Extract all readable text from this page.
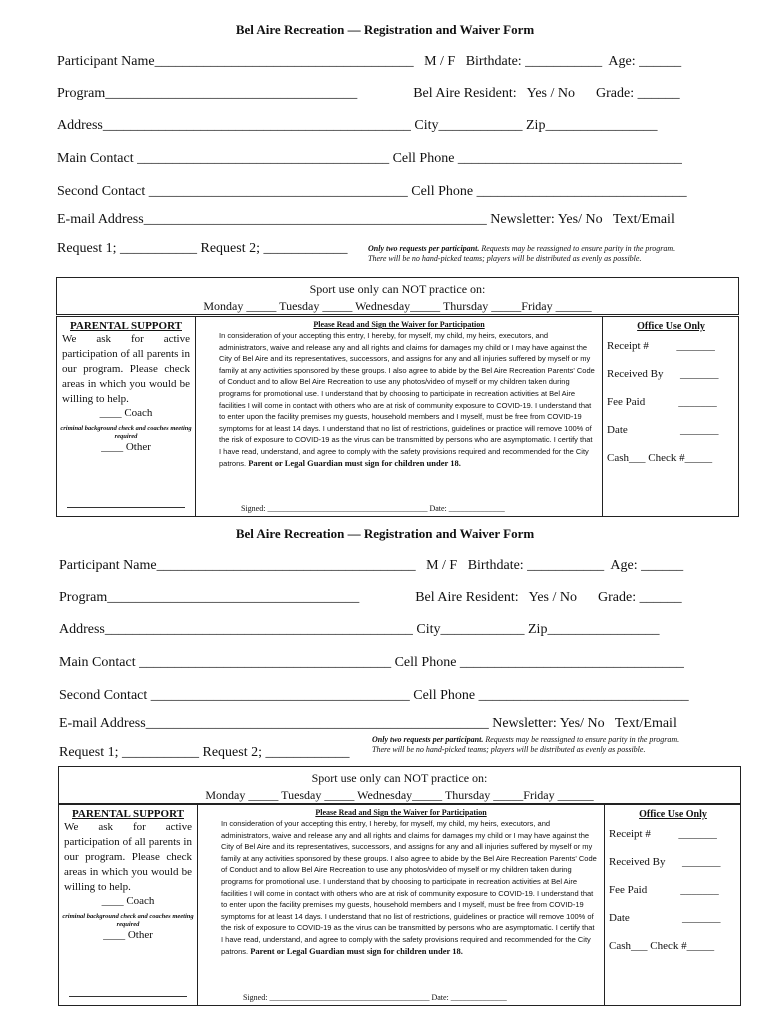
Bel Aire Recreation — Registration and Waiver Form
Participant Name_____________________________________   M / F   Birthdate: ___________  Age: ______
Program____________________________________                Bel Aire Resident:   Yes / No      Grade: ______
Address____________________________________________ City____________ Zip________________
Main Contact ____________________________________ Cell Phone ________________________________
Second Contact _____________________________________ Cell Phone ______________________________
E-mail Address_________________________________________________ Newsletter: Yes/ No   Text/Email
Request 1; ___________ Request 2; ____________	Only two requests per participant. Requests may be reassigned to ensure parity in the program.
There will be no hand-picked teams; players will be distributed as evenly as possible.
Sport use only can NOT practice on:
Monday _____ Tuesday _____ Wednesday_____ Thursday _____Friday ______
PARENTAL SUPPORT
We ask for active participation of all parents in our program. Please check areas in which you would be willing to help.
____ Coach
criminal background check and coaches meeting required
____ Other
Please Read and Sign the Waiver for Participation
In consideration of your accepting this entry, I hereby, for myself, my child, my heirs, executors, and administrators, waive and release any and all rights and claims for damages my child or I may have against the City of Bel Aire and its representatives, successors, and assigns for any and all injuries suffered by myself or my family at any activities sponsored by these groups. I also agree to abide by the Bel Aire Recreation Parents' Code of Conduct and to allow Bel Aire Recreation to use any photos/video of myself or my children taken during programs for promotional use. I understand that by choosing to participate in recreation activities at Bel Aire facilities I will come in contact with others who are at risk of community exposure to COVID-19. I understand that to enter upon the facility premises my guests, household members and I myself, must be free from COVID-19 symptoms for at least 14 days. I understand that no list of restrictions, guidelines or practice will remove 100% of the risk of exposure to COVID-19 as the virus can be transmitted by persons who are asymptomatic. I certify that I have read, understand, and agree to comply with the safety provisions required and recommended for the City patrons. Parent or Legal Guardian must sign for children under 18.
Signed: ________________________________________ Date: ______________
Office Use Only
Receipt #          _______
Received By      _______
Fee Paid            _______
Date                   _______
Cash___ Check #_____
Bel Aire Recreation — Registration and Waiver Form
Participant Name_____________________________________   M / F   Birthdate: ___________  Age: ______
Program____________________________________                Bel Aire Resident:   Yes / No      Grade: ______
Address____________________________________________ City____________ Zip________________
Main Contact ____________________________________ Cell Phone ________________________________
Second Contact _____________________________________ Cell Phone ______________________________
E-mail Address_________________________________________________ Newsletter: Yes/ No   Text/Email
Request 1; ___________ Request 2; ____________
Only two requests per participant. Requests may be reassigned to ensure parity in the program.
There will be no hand-picked teams; players will be distributed as evenly as possible.
Sport use only can NOT practice on:
Monday _____ Tuesday _____ Wednesday_____ Thursday _____Friday ______
PARENTAL SUPPORT
We ask for active participation of all parents in our program. Please check areas in which you would be willing to help.
____ Coach
criminal background check and coaches meeting required
____ Other
Please Read and Sign the Waiver for Participation
In consideration of your accepting this entry, I hereby, for myself, my child, my heirs, executors, and administrators, waive and release any and all rights and claims for damages my child or I may have against the City of Bel Aire and its representatives, successors, and assigns for any and all injuries suffered by myself or my family at any activities sponsored by these groups. I also agree to abide by the Bel Aire Recreation Parents' Code of Conduct and to allow Bel Aire Recreation to use any photos/video of myself or my children taken during programs for promotional use. I understand that by choosing to participate in recreation activities at Bel Aire facilities I will come in contact with others who are at risk of community exposure to COVID-19. I understand that to enter upon the facility premises my guests, household members and I myself, must be free from COVID-19 symptoms for at least 14 days. I understand that no list of restrictions, guidelines or practice will remove 100% of the risk of exposure to COVID-19 as the virus can be transmitted by persons who are asymptomatic. I certify that I have read, understand, and agree to comply with the safety provisions required and recommended for the City patrons. Parent or Legal Guardian must sign for children under 18.
Signed: ________________________________________ Date: ______________
Office Use Only
Receipt #          _______
Received By      _______
Fee Paid            _______
Date                   _______
Cash___ Check #_____
